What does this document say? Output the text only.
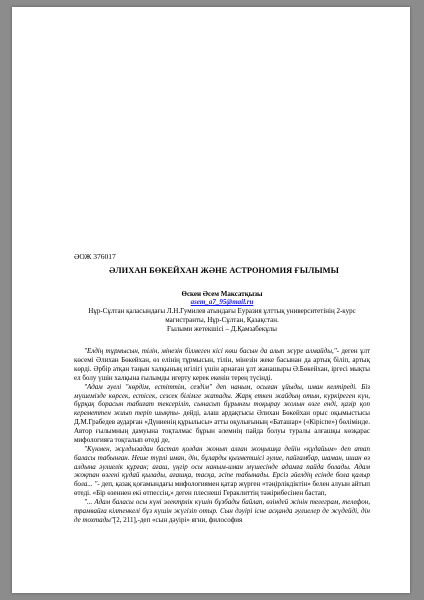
ӘОЖ 376017

ӘЛИХАН БӨКЕЙХАН ЖӘНЕ АСТРОНОМИЯ ҒЫЛЫМЫ

Өскен Әсем Максатқызы

asem_a7_95@mail.ru

Нұр-Сұлтан қаласындағы Л.Н.Гумилев атындағы Еуразия ұлттық университетінің 2-курс

магистранты, Нұр-Сұлтан, Қазақстан.

Ғылыми жетекшісі – Д.Қамзабекұлы

"Елдің тұрмысын, тілін, мінезін білмеген кісі көш басын да алып жүре алмайды,"- деген ұлт көсемі Әлихан Бөкейхан, өз елінің тұрмысын, тілін, мінезін жеке басынан да артық біліп, артық көрді. Әрбір атқан таңын халқының игілігі үшін арнаған ұлт жанашыры Ә.Бөкейхан, іргесі мықты ел болу үшін халқына ғылымды игерту керек екенін терең түсінді.

"Адам әуелі "көрдім, естіттім, сездім" деп наным, осыған ұйыды, иман келтіреді. Біз мүшемізде көрсек, естісек, сезсек білімге жатады. Жарқ еткен жайдың отын, күркіреген күн, бұрқақ борасын табиғат тексеріліп, сынасып бұрынғы тоқырау жолын өзге енді, қазір қоп кереметтен жиып теріп шықты- дейді, алаш ардақтысы Әлихан Бөкейхан орыс оқымыстысы Д.М.Грабедев аударған «Дүниенің құрылысы» атты оқулығының «Баташар» («Кіріспе») бөлімінде. Автор ғылымның дамуына тоқталмас бұрын әлемнің пайда болуы туралы алғашқы көзқарас мифологияға тоқталып өтеді де,

"Күнмен, жұлдызадан бастап қолдан жонып алған жоңышқа дейін «құдайым» деп атап баласы табынған. Неше түрлі иман, дін, бұларды қызметшісі әулие, пайғамбар, шаман, ишан өз алдына әулиелік құрған; ағаш, үңгір осы наным-иман мүшесінде адамға пайда болады. Адам жоқтан өзгені құдай қылады, ағашқа, тасқа, әсіпе табынады. Ерсіз әйелдің есінде бола қалыр бола... "- деп, қазақ қоғамындағы мифологиямен қатар жүрген «тәңірлікдіктін» белен алуын айтып өтеді. «Бір өзеннен екі өтпессің,» деген плеснеші Гераклиттің тәжірибесінен бастап,

"... Адам баласы осы күні электрлік күшін бұзбады байлап, өзіндей жінін телеграм, телефон, трамвайға кілтенкелі бұз күшін жүгізіп отыр. Сын дәуірі існе асқанда әулиелер де жүдейді, дін де тохтады"[2, 211],-деп «сын дәуірі» ягни, философия
